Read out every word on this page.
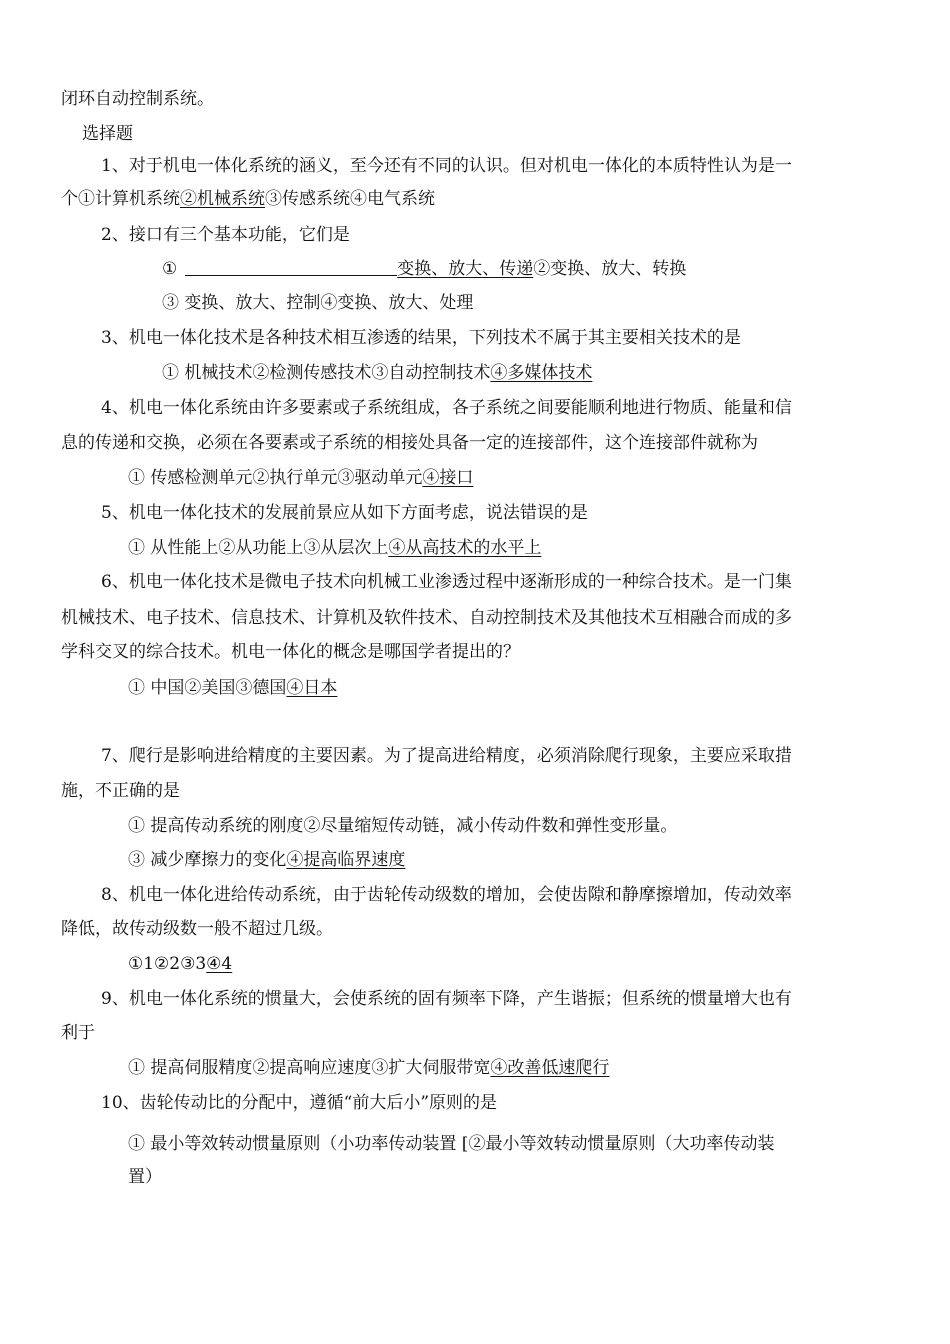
闭环自动控制系统。
选择题
1、对于机电一体化系统的涵义，至今还有不同的认识。但对机电一体化的本质特性认为是一
个①计算机系统②机械系统③传感系统④电气系统
2、接口有三个基本功能，它们是
①	变换、放大、传递②变换、放大、转换
③ 变换、放大、控制④变换、放大、处理
3、机电一体化技术是各种技术相互渗透的结果，下列技术不属于其主要相关技术的是
① 机械技术②检测传感技术③自动控制技术④多媒体技术
4、机电一体化系统由许多要素或子系统组成，各子系统之间要能顺利地进行物质、能量和信
息的传递和交换，必须在各要素或子系统的相接处具备一定的连接部件，这个连接部件就称为
① 传感检测单元②执行单元③驱动单元④接口
5、机电一体化技术的发展前景应从如下方面考虑，说法错误的是
① 从性能上②从功能上③从层次上④从高技术的水平上
6、机电一体化技术是微电子技术向机械工业渗透过程中逐渐形成的一种综合技术。是一门集
机械技术、电子技术、信息技术、计算机及软件技术、自动控制技术及其他技术互相融合而成的多
学科交叉的综合技术。机电一体化的概念是哪国学者提出的？
① 中国②美国③德国④日本
7、爬行是影响进给精度的主要因素。为了提高进给精度，必须消除爬行现象，主要应采取措
施，不正确的是
① 提高传动系统的刚度②尽量缩短传动链，减小传动件数和弹性变形量。
③ 减少摩擦力的变化④提高临界速度
8、机电一体化进给传动系统，由于齿轮传动级数的增加，会使齿隙和静摩擦增加，传动效率
降低，故传动级数一般不超过几级。
①1②2③3④4
9、机电一体化系统的惯量大，会使系统的固有频率下降，产生谐振；但系统的惯量增大也有
利于
① 提高伺服精度②提高响应速度③扩大伺服带宽④改善低速爬行
10、齿轮传动比的分配中，遵循“前大后小”原则的是
① 最小等效转动惯量原则（小功率传动装置 [②最小等效转动惯量原则（大功率传动装
置）
